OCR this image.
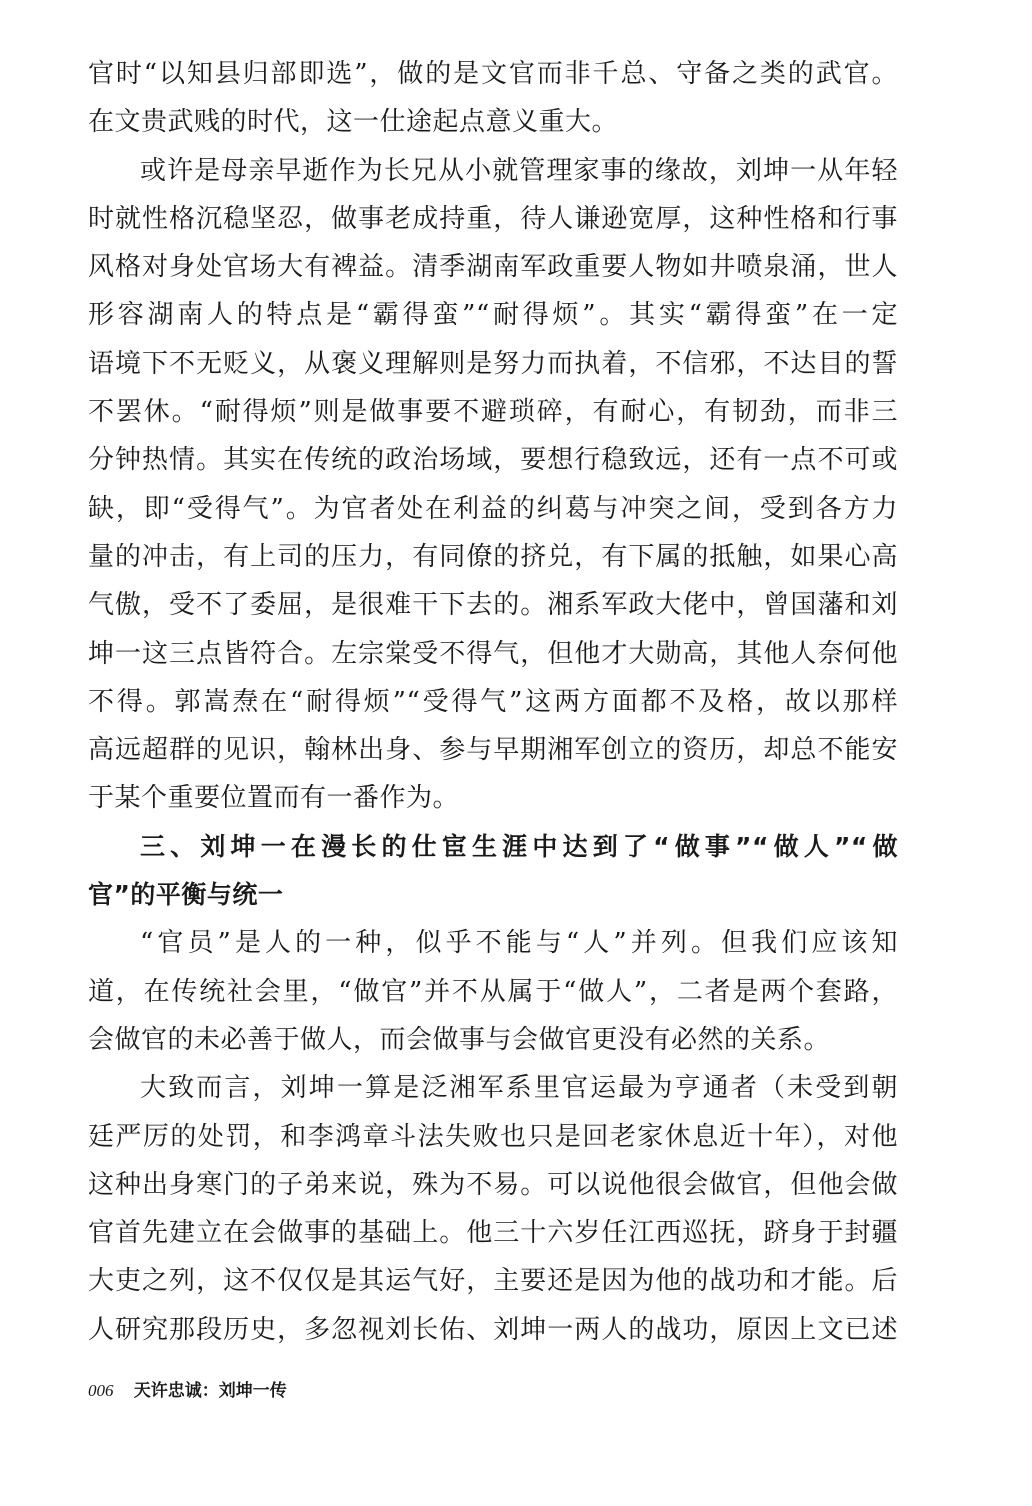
官时“以知县归部即选”，做的是文官而非千总、守备之类的武官。
在文贵武贱的时代，这一仕途起点意义重大。
或许是母亲早逝作为长兄从小就管理家事的缘故，刘坤一从年轻
时就性格沉稳坚忍，做事老成持重，待人谦逊宽厚，这种性格和行事
风格对身处官场大有裨益。清季湖南军政重要人物如井喷泉涌，世人
形容湖南人的特点是“霸得蛮”“耐得烦”。其实“霸得蛮”在一定
语境下不无贬义，从褒义理解则是努力而执着，不信邪，不达目的誓
不罢休。“耐得烦”则是做事要不避琐碎，有耐心，有韧劲，而非三
分钟热情。其实在传统的政治场域，要想行稳致远，还有一点不可或
缺，即“受得气”。为官者处在利益的纠葛与冲突之间，受到各方力
量的冲击，有上司的压力，有同僚的挤兑，有下属的抵触，如果心高
气傲，受不了委屈，是很难干下去的。湘系军政大佬中，曾国藩和刘
坤一这三点皆符合。左宗棠受不得气，但他才大勋高，其他人奈何他
不得。郭嵩焘在“耐得烦”“受得气”这两方面都不及格，故以那样
高远超群的见识，翰林出身、参与早期湘军创立的资历，却总不能安
于某个重要位置而有一番作为。
三、刘坤一在漫长的仕宦生涯中达到了“做事”“做人”“做
官”的平衡与统一
“官员”是人的一种，似乎不能与“人”并列。但我们应该知
道，在传统社会里，“做官”并不从属于“做人”，二者是两个套路，
会做官的未必善于做人，而会做事与会做官更没有必然的关系。
大致而言，刘坤一算是泛湘军系里官运最为亨通者（未受到朝
廷严厉的处罚，和李鸿章斗法失败也只是回老家休息近十年），对他
这种出身寒门的子弟来说，殊为不易。可以说他很会做官，但他会做
官首先建立在会做事的基础上。他三十六岁任江西巡抚，跻身于封疆
大吏之列，这不仅仅是其运气好，主要还是因为他的战功和才能。后
人研究那段历史，多忽视刘长佑、刘坤一两人的战功，原因上文已述
006 天许忠诚：刘坤一传
